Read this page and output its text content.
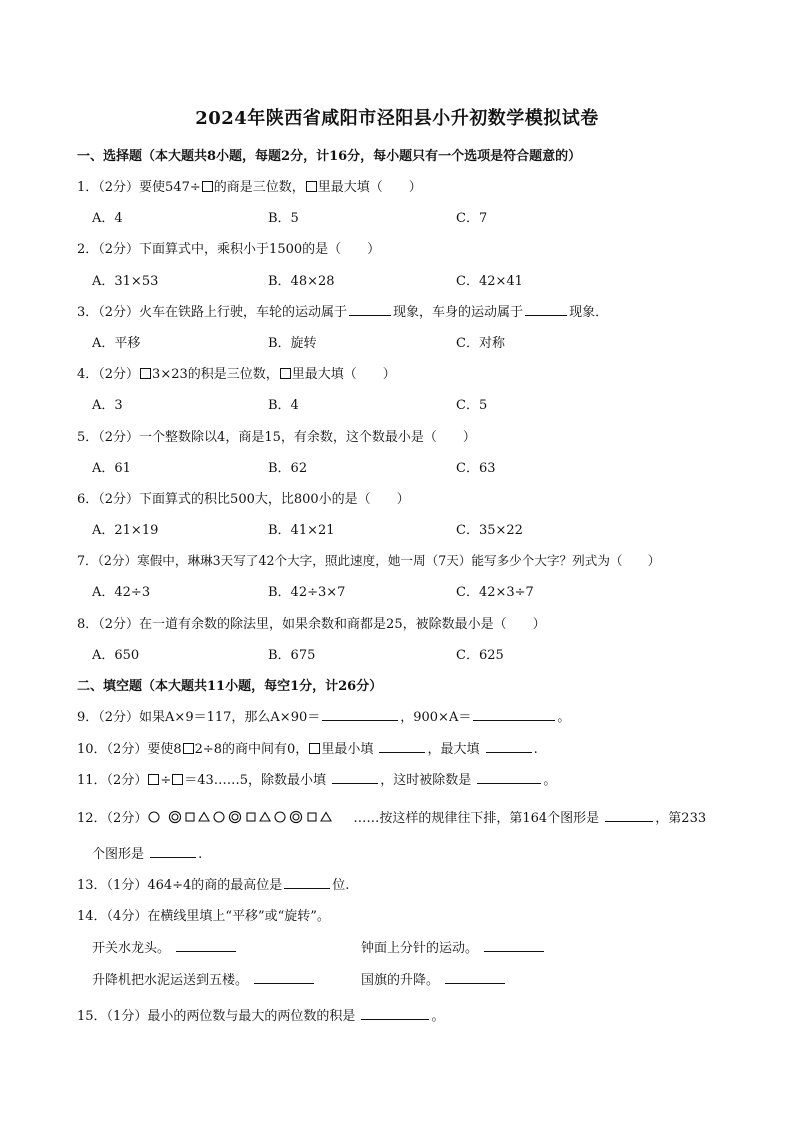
2024年陕西省咸阳市泾阳县小升初数学模拟试卷
一、选择题（本大题共8小题，每题2分，计16分，每小题只有一个选项是符合题意的）
1．（2分）要使547÷ 的商是三位数， 里最大填（　　）
A．4	B．5	C．7
2．（2分）下面算式中，乘积小于1500的是（　　）
A．31×53	B．48×28	C．42×41
3．（2分）火车在铁路上行驶，车轮的运动属于	现象，车身的运动属于	现象．
A．平移	B．旋转	C．对称
4．（2分） 3×23的积是三位数， 里最大填（　　）
A．3	B．4	C．5
5．（2分）一个整数除以4，商是15，有余数，这个数最小是（　　）
A．61	B．62	C．63
6．（2分）下面算式的积比500大，比800小的是（　　）
A．21×19	B．41×21	C．35×22
7．（2分）寒假中，琳琳3天写了42个大字，照此速度，她一周（7天）能写多少个大字？列式为（　　）
A．42÷3	B．42÷3×7	C．42×3÷7
8．（2分）在一道有余数的除法里，如果余数和商都是25，被除数最小是（　　）
A．650	B．675	C．625
二、填空题（本大题共11小题，每空1分，计26分）
9．（2分）如果A×9＝117，那么A×90＝	，900×A＝	。
10．（2分）要使8 2÷8的商中间有0， 里最小填	，最大填	.
11．（2分） ÷ ＝43……5，除数最小填	，这时被除数是	。
12．（2分）	……按这样的规律往下排，第164个图形是	，第233
个图形是	.
13．（1分）464÷4的商的最高位是	位.
14．（4分）在横线里填上“平移”或“旋转”。
开关水龙头。	钟面上分针的运动。
升降机把水泥运送到五楼。	国旗的升降。
15．（1分）最小的两位数与最大的两位数的积是	。
